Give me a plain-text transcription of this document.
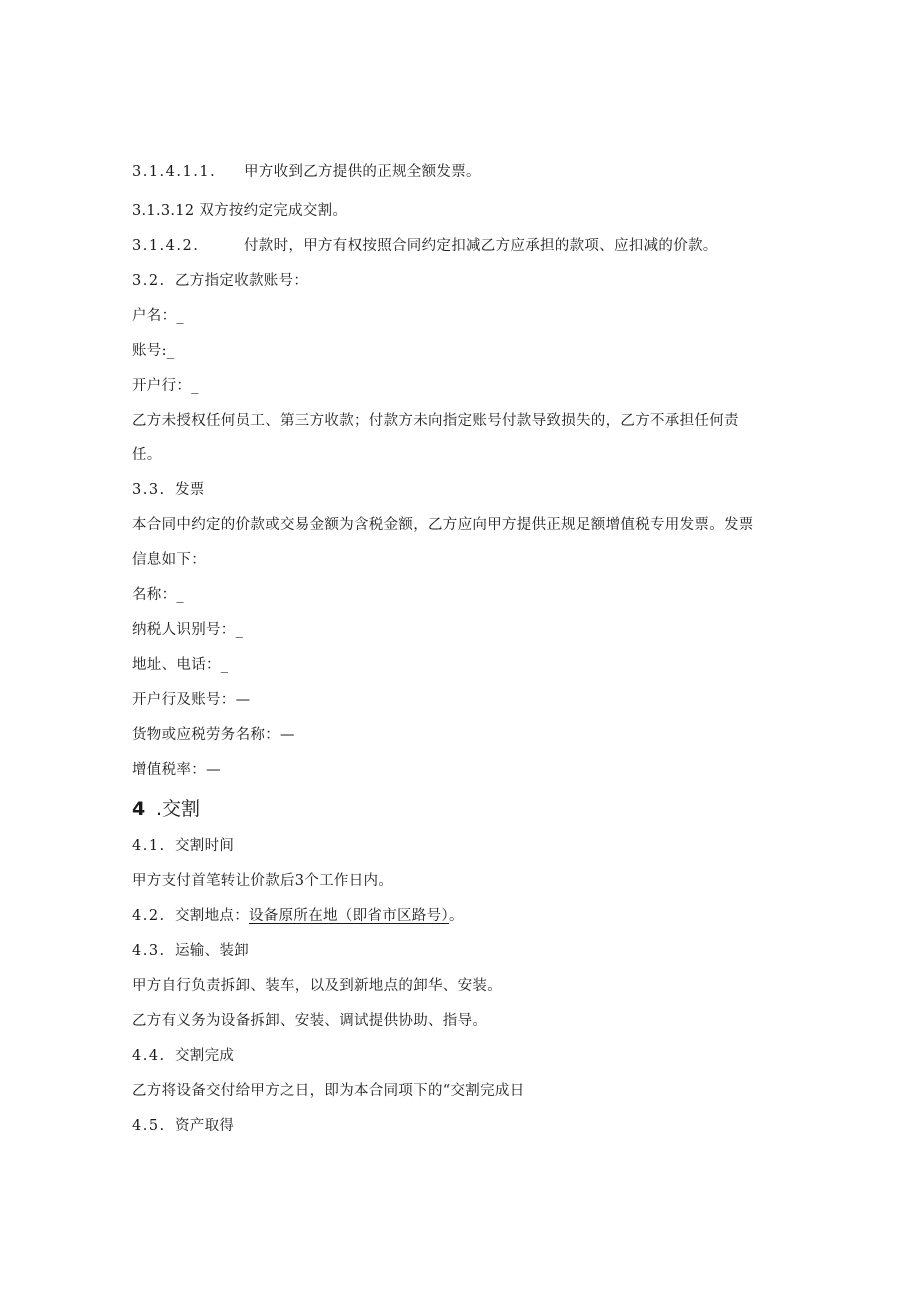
3.1.4.1.1. 甲方收到乙方提供的正规全额发票。
3.1.3.12 双方按约定完成交割。
3.1.4.2.	付款时，甲方有权按照合同约定扣减乙方应承担的款项、应扣减的价款。
3.2. 乙方指定收款账号：
户名：_
账号:_
开户行：_
乙方未授权任何员工、第三方收款；付款方未向指定账号付款导致损失的，乙方不承担任何责
任。
3.3. 发票
本合同中约定的价款或交易金额为含税金额，乙方应向甲方提供正规足额增值税专用发票。发票
信息如下：
名称：_
纳税人识别号：_
地址、电话：_
开户行及账号：—
货物或应税劳务名称：—
增值税率：—
4 .交割
4.1. 交割时间
甲方支付首笔转让价款后3个工作日内。
4.2. 交割地点：设备原所在地（即省市区路号）。
4.3. 运输、装卸
甲方自行负责拆卸、装车，以及到新地点的卸华、安装。
乙方有义务为设备拆卸、安装、调试提供协助、指导。
4.4. 交割完成
乙方将设备交付给甲方之日，即为本合同项下的“交割完成日
4.5. 资产取得
